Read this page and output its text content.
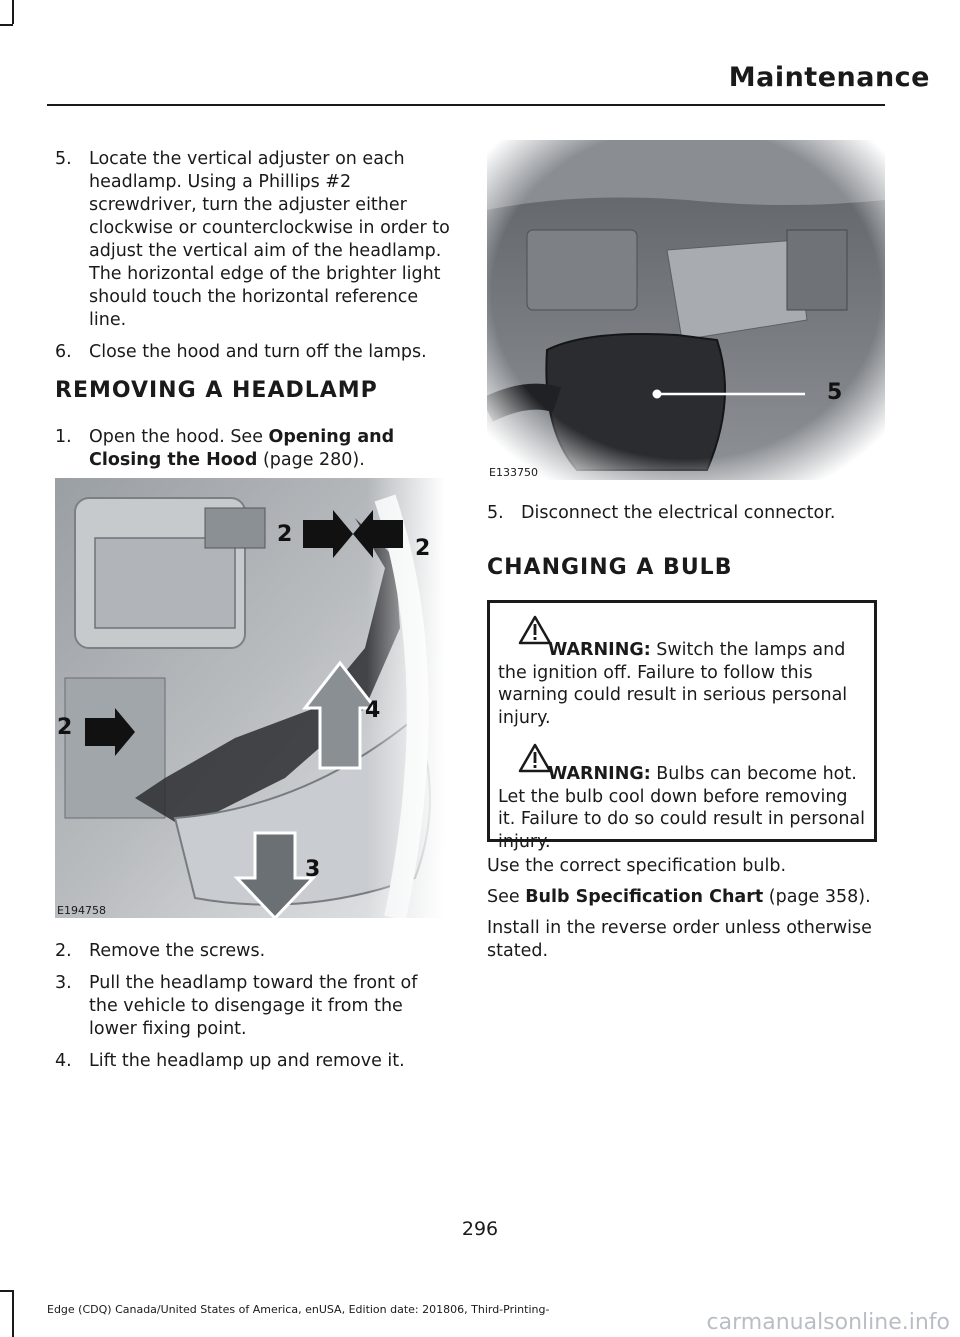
Maintenance
5. Locate the vertical adjuster on each headlamp. Using a Phillips #2 screwdriver, turn the adjuster either clockwise or counterclockwise in order to adjust the vertical aim of the headlamp. The horizontal edge of the brighter light should touch the horizontal reference line.
6. Close the hood and turn off the lamps.
REMOVING A HEADLAMP
1. Open the hood. See Opening and Closing the Hood (page 280).
2
2
2
4
3
E194758
2. Remove the screws.
3. Pull the headlamp toward the front of the vehicle to disengage it from the lower fixing point.
4. Lift the headlamp up and remove it.
5
E133750
5. Disconnect the electrical connector.
CHANGING A BULB
WARNING: Switch the lamps and the ignition off. Failure to follow this warning could result in serious personal injury.
WARNING: Bulbs can become hot. Let the bulb cool down before removing it. Failure to do so could result in personal injury.
Use the correct specification bulb.
See Bulb Specification Chart (page 358).
Install in the reverse order unless otherwise stated.
296
Edge (CDQ) Canada/United States of America, enUSA, Edition date: 201806, Third-Printing-
carmanualsonline.info
